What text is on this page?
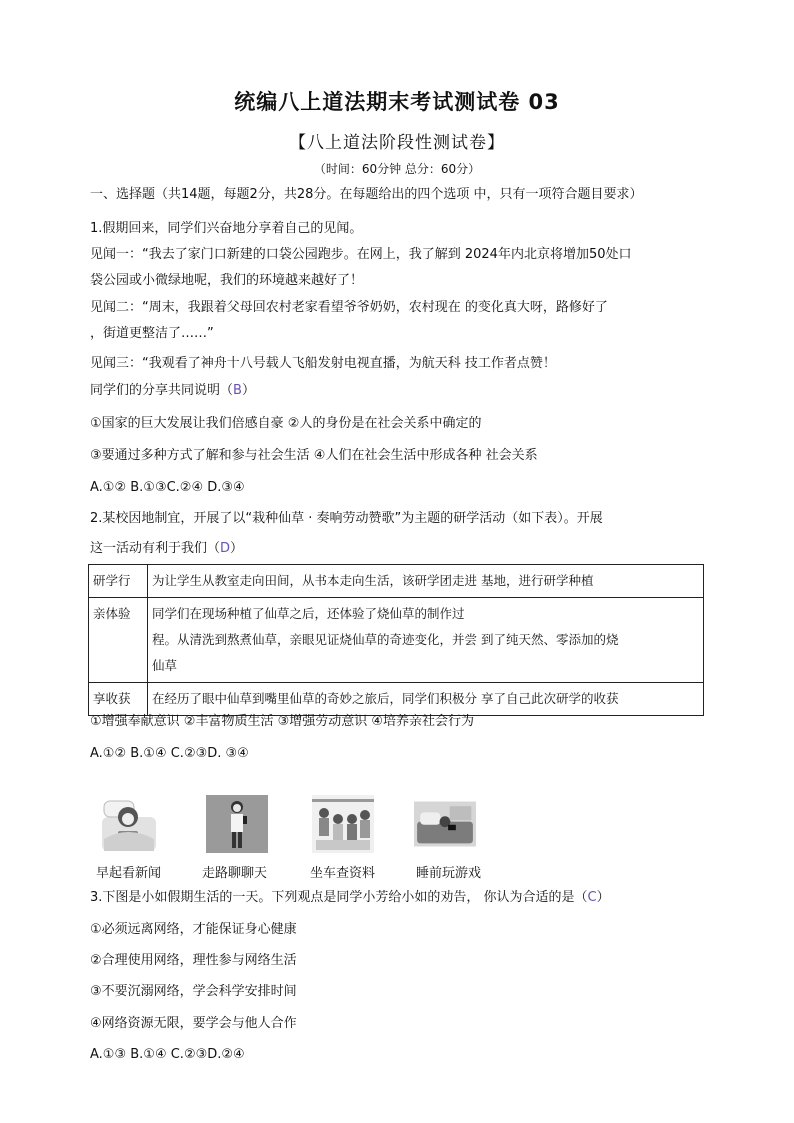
统编八上道法期末考试测试卷 03
【八上道法阶段性测试卷】
（时间：60分钟 总分：60分）
一、选择题（共14题，每题2分，共28分。在每题给出的四个选项 中，只有一项符合题目要求）
1.假期回来，同学们兴奋地分享着自己的见闻。
见闻一：“我去了家门口新建的口袋公园跑步。在网上，我了解到 2024年内北京将增加50处口
袋公园或小微绿地呢，我们的环境越来越好了！
见闻二：“周末，我跟着父母回农村老家看望爷爷奶奶，农村现在 的变化真大呀，路修好了
，街道更整洁了……”
见闻三：“我观看了神舟十八号载人飞船发射电视直播，为航天科 技工作者点赞！
同学们的分享共同说明（B）
①国家的巨大发展让我们倍感自豪 ②人的身份是在社会关系中确定的
③要通过多种方式了解和参与社会生活 ④人们在社会生活中形成各种 社会关系
A.①② B.①③C.②④ D.③④
2.某校因地制宜，开展了以“栽种仙草 · 奏响劳动赞歌”为主题的研学活动（如下表）。开展
这一活动有利于我们（D）
研学行	为让学生从教室走向田间，从书本走向生活，该研学团走进 基地，进行研学种植
亲体验	同学们在现场种植了仙草之后，还体验了烧仙草的制作过
程。从清洗到熬煮仙草，亲眼见证烧仙草的奇迹变化，并尝 到了纯天然、零添加的烧
仙草

享收获	在经历了眼中仙草到嘴里仙草的奇妙之旅后，同学们积极分 享了自己此次研学的收获
①增强奉献意识 ②丰富物质生活 ③增强劳动意识 ④培养亲社会行为
A.①② B.①④ C.②③D. ③④
早起看新闻	走路聊聊天	坐车查资料	睡前玩游戏
3.下图是小如假期生活的一天。下列观点是同学小芳给小如的劝告， 你认为合适的是（C）
①必须远离网络，才能保证身心健康
②合理使用网络，理性参与网络生活
③不要沉溺网络，学会科学安排时间
④网络资源无限，要学会与他人合作
A.①③ B.①④ C.②③D.②④
